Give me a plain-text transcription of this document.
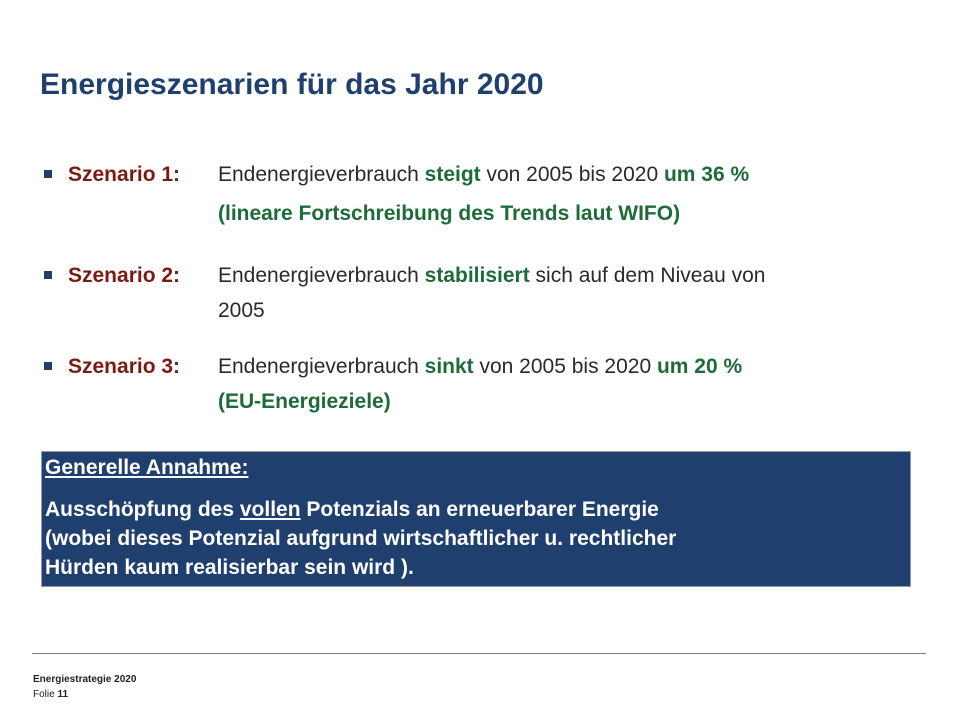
Energieszenarien für das Jahr 2020
Szenario 1: Endenergieverbrauch steigt von 2005 bis 2020 um 36 %
(lineare Fortschreibung des Trends laut WIFO)
Szenario 2: Endenergieverbrauch stabilisiert sich auf dem Niveau von
2005
Szenario 3: Endenergieverbrauch sinkt von 2005 bis 2020 um 20 %
(EU-Energieziele)
Generelle Annahme:
Ausschöpfung des vollen Potenzials an erneuerbarer Energie
(wobei dieses Potenzial aufgrund wirtschaftlicher u. rechtlicher
Hürden kaum realisierbar sein wird ).
Energiestrategie 2020
Folie 11
